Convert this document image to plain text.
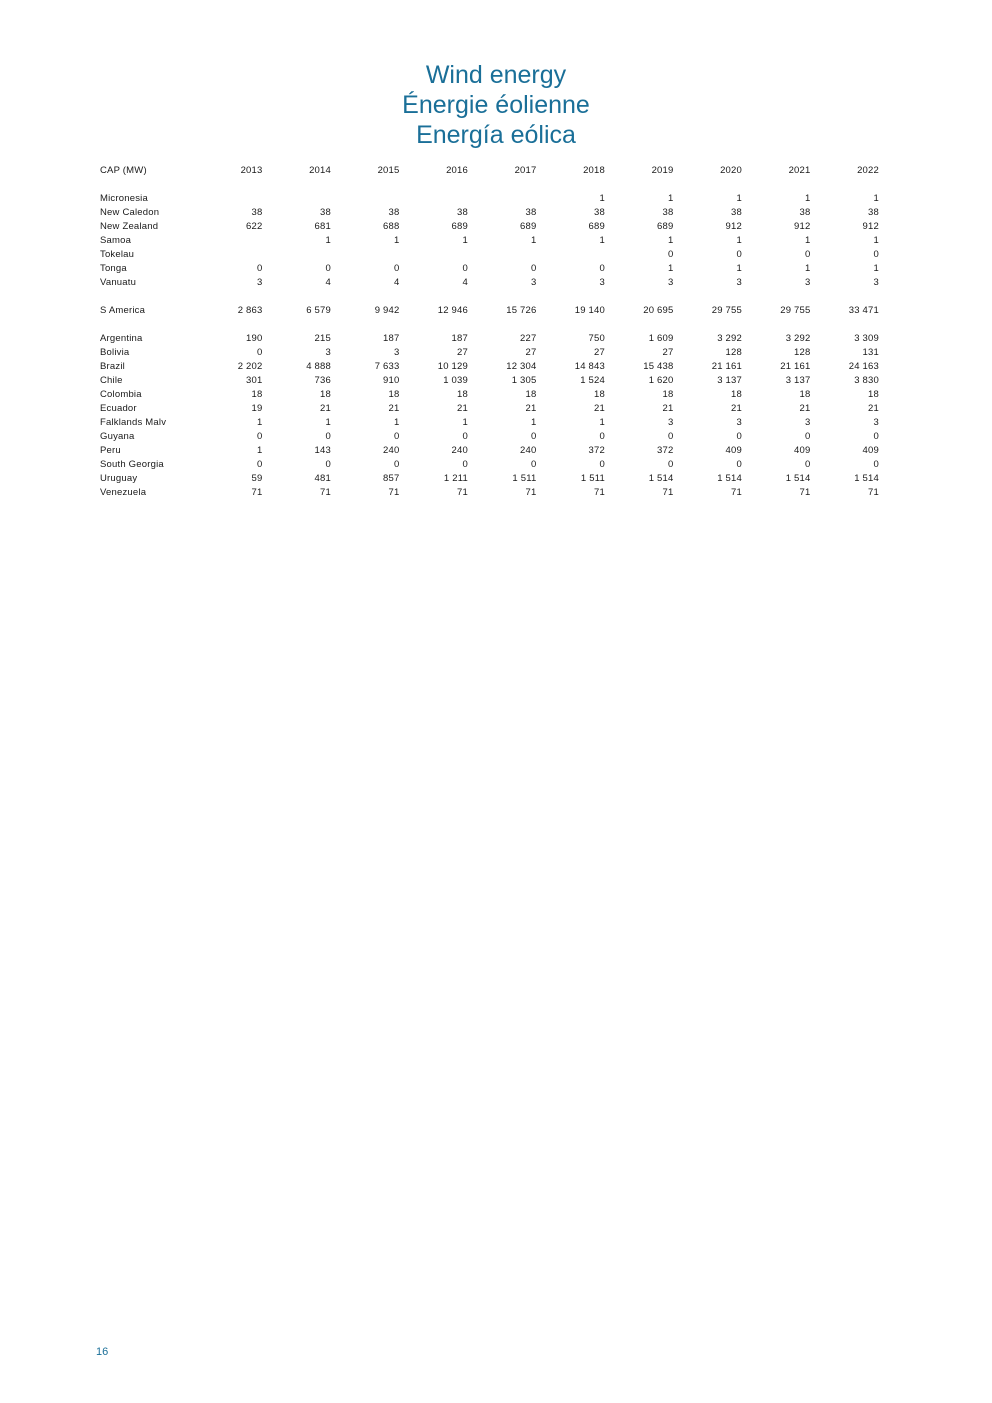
Wind energy
Énergie éolienne
Energía eólica
CAP (MW)	2013	2014	2015	2016	2017	2018	2019	2020	2021	2022

Micronesia						1	1	1	1	1
New Caledon	38	38	38	38	38	38	38	38	38	38
New Zealand	622	681	688	689	689	689	689	912	912	912
Samoa		1	1	1	1	1	1	1	1	1
Tokelau							0	0	0	0
Tonga	0	0	0	0	0	0	1	1	1	1
Vanuatu	3	4	4	4	3	3	3	3	3	3

S America	2 863	6 579	9 942	12 946	15 726	19 140	20 695	29 755	29 755	33 471

Argentina	190	215	187	187	227	750	1 609	3 292	3 292	3 309
Bolivia	0	3	3	27	27	27	27	128	128	131
Brazil	2 202	4 888	7 633	10 129	12 304	14 843	15 438	21 161	21 161	24 163
Chile	301	736	910	1 039	1 305	1 524	1 620	3 137	3 137	3 830
Colombia	18	18	18	18	18	18	18	18	18	18
Ecuador	19	21	21	21	21	21	21	21	21	21
Falklands Malv	1	1	1	1	1	1	3	3	3	3
Guyana	0	0	0	0	0	0	0	0	0	0
Peru	1	143	240	240	240	372	372	409	409	409
South Georgia	0	0	0	0	0	0	0	0	0	0
Uruguay	59	481	857	1 211	1 511	1 511	1 514	1 514	1 514	1 514
Venezuela	71	71	71	71	71	71	71	71	71	71
16
